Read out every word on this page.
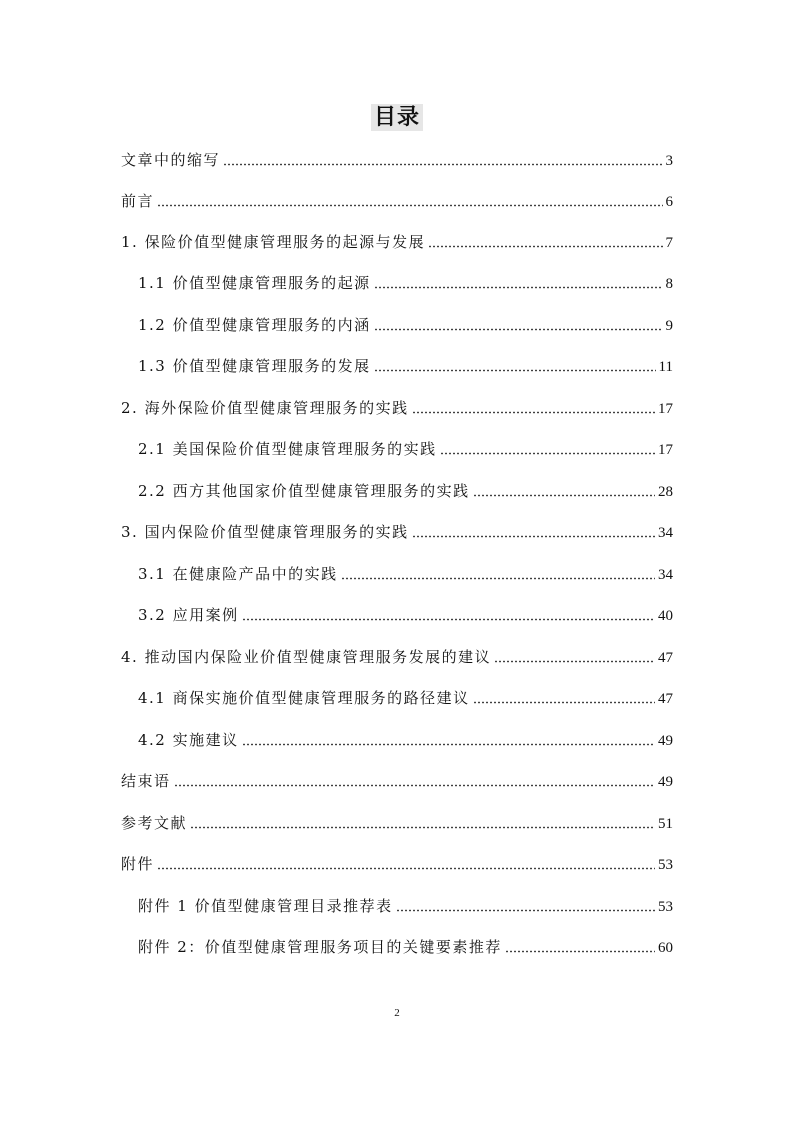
目录
文章中的缩写	3
前言	6
1. 保险价值型健康管理服务的起源与发展	7
1.1 价值型健康管理服务的起源	8
1.2 价值型健康管理服务的内涵	9
1.3 价值型健康管理服务的发展	11
2. 海外保险价值型健康管理服务的实践	17
2.1 美国保险价值型健康管理服务的实践	17
2.2 西方其他国家价值型健康管理服务的实践	28
3. 国内保险价值型健康管理服务的实践	34
3.1 在健康险产品中的实践	34
3.2 应用案例	40
4. 推动国内保险业价值型健康管理服务发展的建议	47
4.1 商保实施价值型健康管理服务的路径建议	47
4.2 实施建议	49
结束语	49
参考文献	51
附件	53
附件 1 价值型健康管理目录推荐表	53
附件 2：价值型健康管理服务项目的关键要素推荐	60
2
